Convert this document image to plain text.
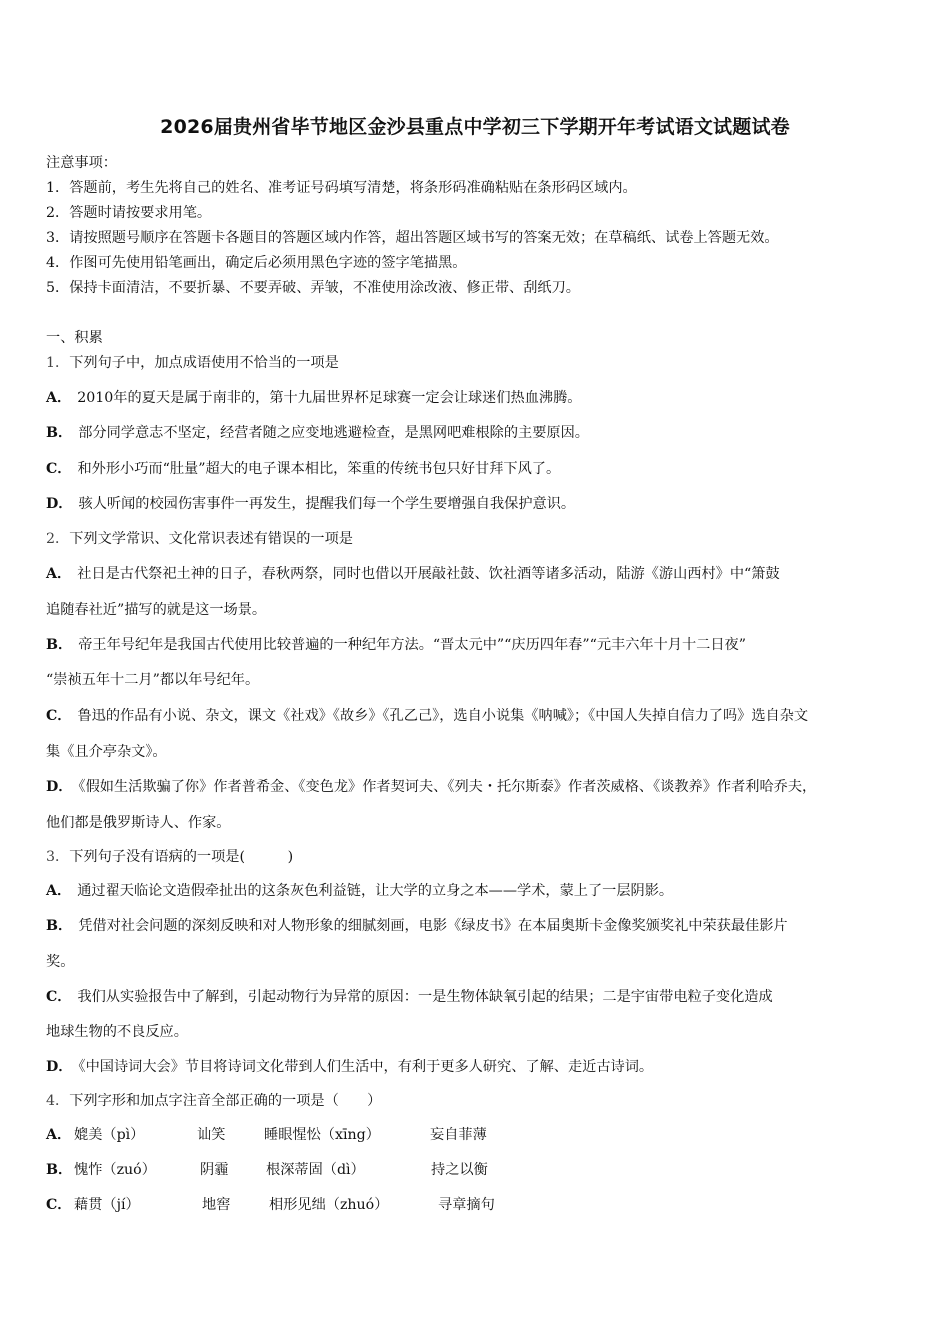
2026届贵州省毕节地区金沙县重点中学初三下学期开年考试语文试题试卷
注意事项：
1．答题前，考生先将自己的姓名、准考证号码填写清楚，将条形码准确粘贴在条形码区域内。
2．答题时请按要求用笔。
3．请按照题号顺序在答题卡各题目的答题区域内作答，超出答题区域书写的答案无效；在草稿纸、试卷上答题无效。
4．作图可先使用铅笔画出，确定后必须用黑色字迹的签字笔描黑。
5．保持卡面清洁，不要折暴、不要弄破、弄皱，不准使用涂改液、修正带、刮纸刀。
一、积累
1．下列句子中，加点成语使用不恰当的一项是
A． 2010年的夏天是属于南非的，第十九届世界杯足球赛一定会让球迷们热血沸腾。
B． 部分同学意志不坚定，经营者随之应变地逃避检查，是黑网吧难根除的主要原因。
C． 和外形小巧而“肚量”超大的电子课本相比，笨重的传统书包只好甘拜下风了。
D． 骇人听闻的校园伤害事件一再发生，提醒我们每一个学生要增强自我保护意识。
2．下列文学常识、文化常识表述有错误的一项是
A． 社日是古代祭祀土神的日子，春秋两祭，同时也借以开展敲社鼓、饮社酒等诸多活动，陆游《游山西村》中“箫鼓
追随春社近”描写的就是这一场景。
B． 帝王年号纪年是我国古代使用比较普遍的一种纪年方法。“晋太元中”“庆历四年春”“元丰六年十月十二日夜”
“崇祯五年十二月”都以年号纪年。
C． 鲁迅的作品有小说、杂文，课文《社戏》《故乡》《孔乙己》，选自小说集《呐喊》；《中国人失掉自信力了吗》选自杂文
集《且介亭杂文》。
D． 《假如生活欺骗了你》作者普希金、《变色龙》作者契诃夫、《列夫・托尔斯泰》作者茨威格、《谈教养》作者利哈乔夫，
他们都是俄罗斯诗人、作家。
3．下列句子没有语病的一项是(　　　)
A． 通过翟天临论文造假牵扯出的这条灰色利益链，让大学的立身之本——学术，蒙上了一层阴影。
B． 凭借对社会问题的深刻反映和对人物形象的细腻刻画，电影《绿皮书》在本届奥斯卡金像奖颁奖礼中荣获最佳影片
奖。
C． 我们从实验报告中了解到，引起动物行为异常的原因：一是生物体缺氧引起的结果；二是宇宙带电粒子变化造成
地球生物的不良反应。
D． 《中国诗词大会》节目将诗词文化带到人们生活中，有利于更多人研究、了解、走近古诗词。
4．下列字形和加点字注音全部正确的一项是（　　）
A． 媲美（pì）	讪笑	睡眼惺忪（xīng）	妄自菲薄
B． 愧怍（zuó）	阴霾	根深蒂固（dì）	持之以衡
C． 藉贯（jí）	地窖	相形见绌（zhuó）	寻章摘句
